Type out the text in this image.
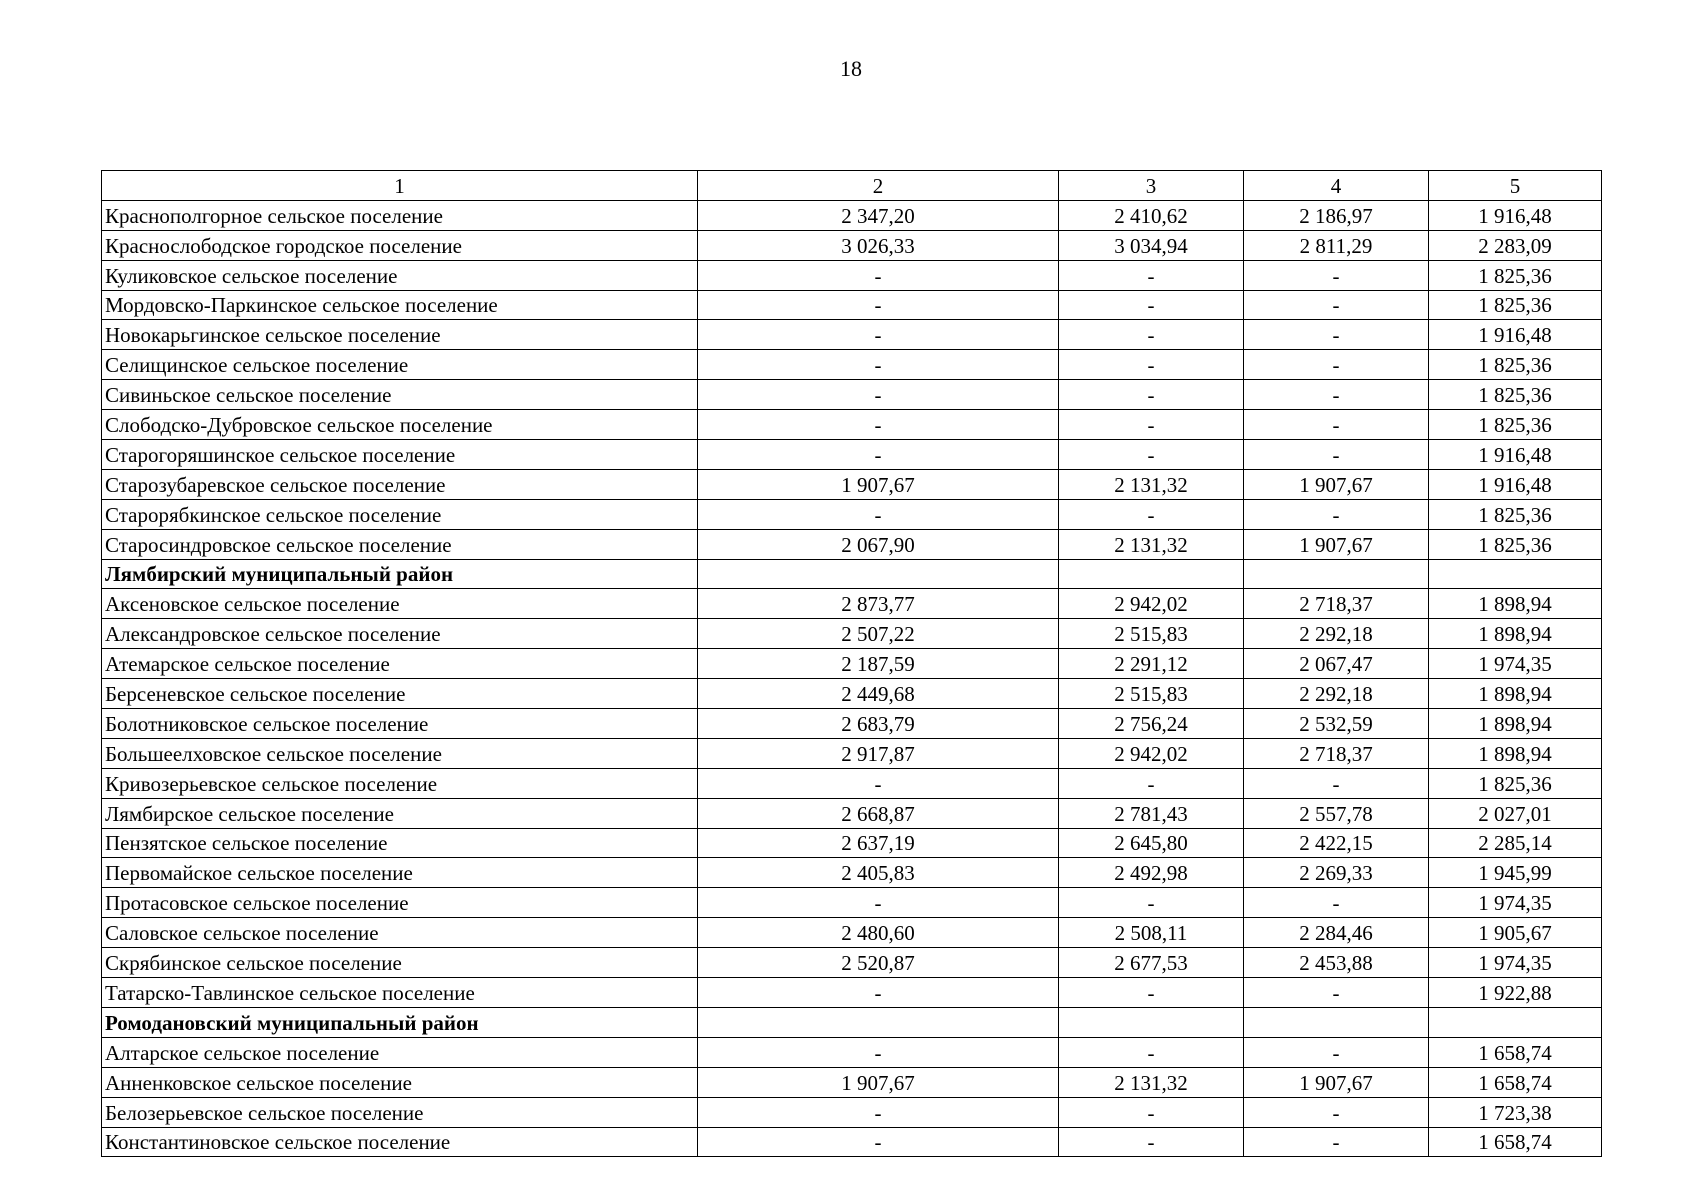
18
1	2	3	4	5
Краснополгорное сельское поселение	2 347,20	2 410,62	2 186,97	1 916,48
Краснослободское городское поселение	3 026,33	3 034,94	2 811,29	2 283,09
Куликовское сельское поселение	-	-	-	1 825,36
Мордовско-Паркинское сельское поселение	-	-	-	1 825,36
Новокарьгинское сельское поселение	-	-	-	1 916,48
Селищинское сельское поселение	-	-	-	1 825,36
Сивиньское сельское поселение	-	-	-	1 825,36
Слободско-Дубровское сельское поселение	-	-	-	1 825,36
Старогоряшинское сельское поселение	-	-	-	1 916,48
Старозубаревское сельское поселение	1 907,67	2 131,32	1 907,67	1 916,48
Старорябкинское сельское поселение	-	-	-	1 825,36
Старосиндровское сельское поселение	2 067,90	2 131,32	1 907,67	1 825,36
Лямбирский муниципальный район				
Аксеновское сельское поселение	2 873,77	2 942,02	2 718,37	1 898,94
Александровское сельское поселение	2 507,22	2 515,83	2 292,18	1 898,94
Атемарское сельское поселение	2 187,59	2 291,12	2 067,47	1 974,35
Берсеневское сельское поселение	2 449,68	2 515,83	2 292,18	1 898,94
Болотниковское сельское поселение	2 683,79	2 756,24	2 532,59	1 898,94
Большеелховское сельское поселение	2 917,87	2 942,02	2 718,37	1 898,94
Кривозерьевское сельское поселение	-	-	-	1 825,36
Лямбирское сельское поселение	2 668,87	2 781,43	2 557,78	2 027,01
Пензятское сельское поселение	2 637,19	2 645,80	2 422,15	2 285,14
Первомайское сельское поселение	2 405,83	2 492,98	2 269,33	1 945,99
Протасовское сельское поселение	-	-	-	1 974,35
Саловское сельское поселение	2 480,60	2 508,11	2 284,46	1 905,67
Скрябинское сельское поселение	2 520,87	2 677,53	2 453,88	1 974,35
Татарско-Тавлинское сельское поселение	-	-	-	1 922,88
Ромодановский муниципальный район				
Алтарское сельское поселение	-	-	-	1 658,74
Анненковское сельское поселение	1 907,67	2 131,32	1 907,67	1 658,74
Белозерьевское сельское поселение	-	-	-	1 723,38
Константиновское сельское поселение	-	-	-	1 658,74
